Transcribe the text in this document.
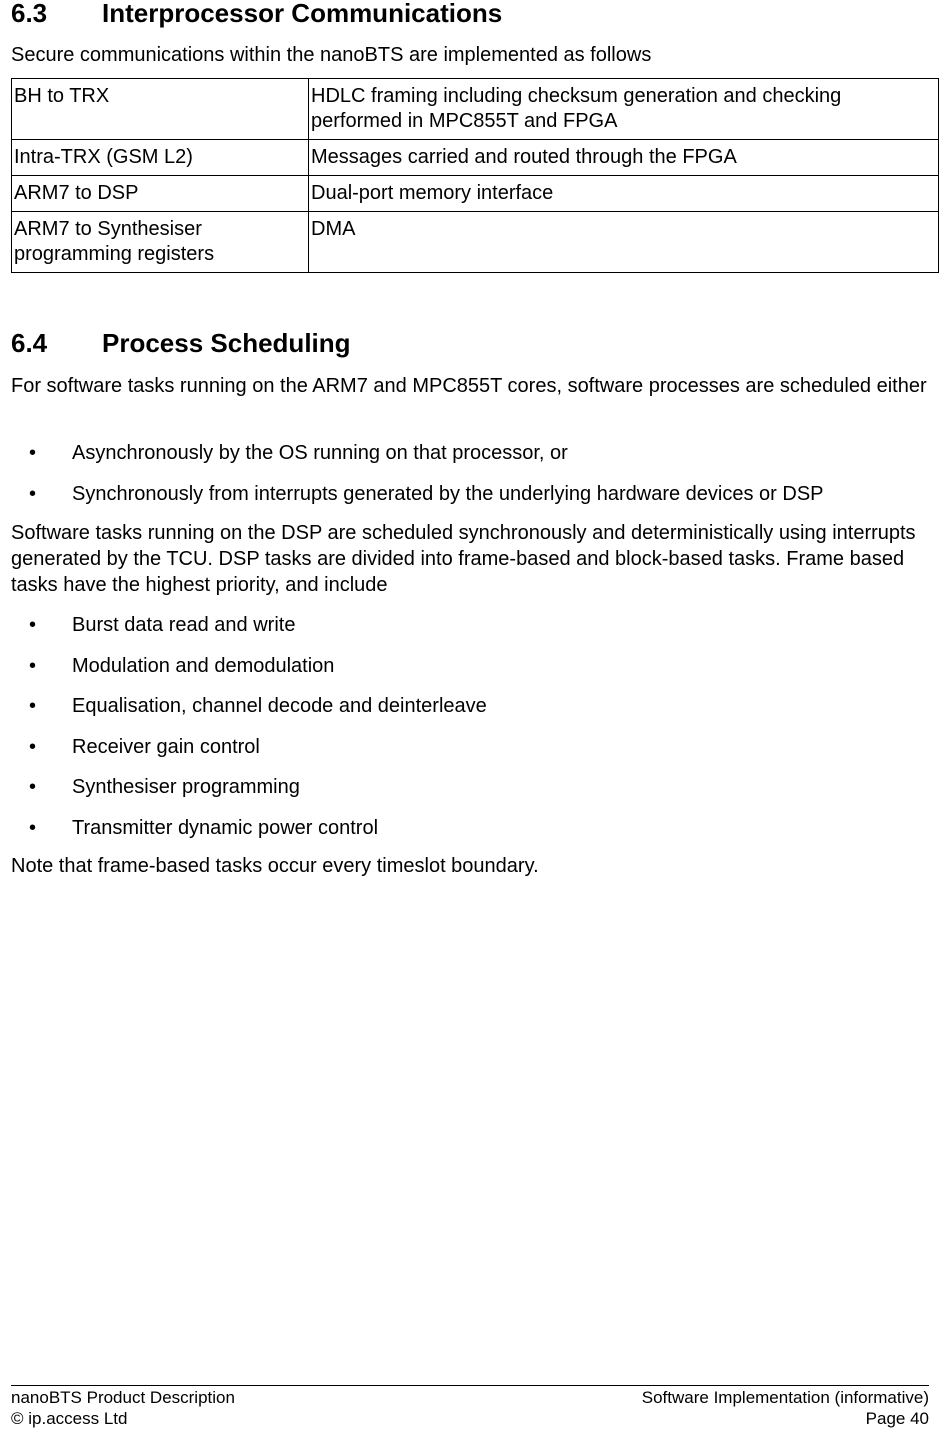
6.3	Interprocessor Communications

Secure communications within the nanoBTS are implemented as follows

BH to TRX	HDLC framing including checksum generation and checking performed in MPC855T and FPGA
Intra-TRX (GSM L2)	Messages carried and routed through the FPGA
ARM7 to DSP	Dual-port memory interface
ARM7 to Synthesiser programming registers	DMA
6.4	Process Scheduling

For software tasks running on the ARM7 and MPC855T cores, software processes are scheduled either

•	Asynchronously by the OS running on that processor, or
•	Synchronously from interrupts generated by the underlying hardware devices or DSP

Software tasks running on the DSP are scheduled synchronously and deterministically using interrupts generated by the TCU. DSP tasks are divided into frame-based and block-based tasks. Frame based tasks have the highest priority, and include

•	Burst data read and write
•	Modulation and demodulation
•	Equalisation, channel decode and deinterleave
•	Receiver gain control
•	Synthesiser programming
•	Transmitter dynamic power control

Note that frame-based tasks occur every timeslot boundary.

nanoBTS Product Description	Software Implementation (informative)
© ip.access Ltd	Page 40
